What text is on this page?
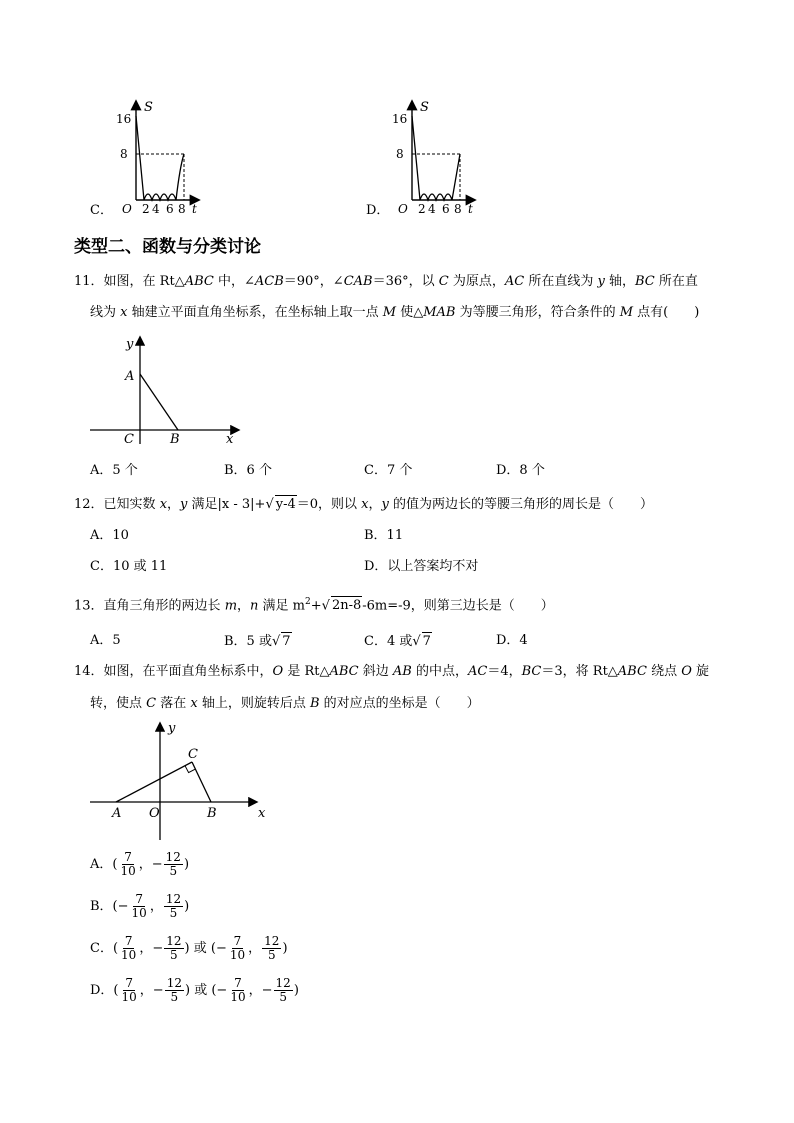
C．
S
16
8
O 2 4 6 8 t	D．
S
16
8
O 2 4 6 8 t
类型二、函数与分类讨论
11．如图，在 Rt△ABC 中，∠ACB＝90°，∠CAB＝36°，以 C 为原点，AC 所在直线为 y 轴，BC 所在直
线为 x 轴建立平面直角坐标系，在坐标轴上取一点 M 使△MAB 为等腰三角形，符合条件的 M 点有(　　)
y
A
C	B	x
A．5 个	B．6 个	C．7 个	D．8 个
12．已知实数 x，y 满足|x - 3|+√ y-4＝0，则以 x，y 的值为两边长的等腰三角形的周长是（　　）
A．10	B．11
C．10 或 11	D．以上答案均不对
13．直角三角形的两边长 m，n 满足 $m^2+√$ 2n-8-6m=-9，则第三边长是（　　）
A．5	B．5 或√ 7	C．4 或√ 7	D．4
14．如图，在平面直角坐标系中，O 是 Rt△ABC 斜边 AB 的中点，AC＝4，BC＝3，将 Rt△ABC 绕点 O 旋
转，使点 C 落在 x 轴上，则旋转后点 B 的对应点的坐标是（　　）
y
C
A O	B	x
A．( $\frac{7}{10}$ ，− $\frac{12}{5}$ )
B．(− $\frac{7}{10}$ ， $\frac{12}{5}$ )
C．( $\frac{7}{10}$ ，− $\frac{12}{5}$ ) 或 (− $\frac{7}{10}$ ， $\frac{12}{5}$ )
D．( $\frac{7}{10}$ ，− $\frac{12}{5}$ ) 或 (− $\frac{7}{10}$ ，− $\frac{12}{5}$ )
